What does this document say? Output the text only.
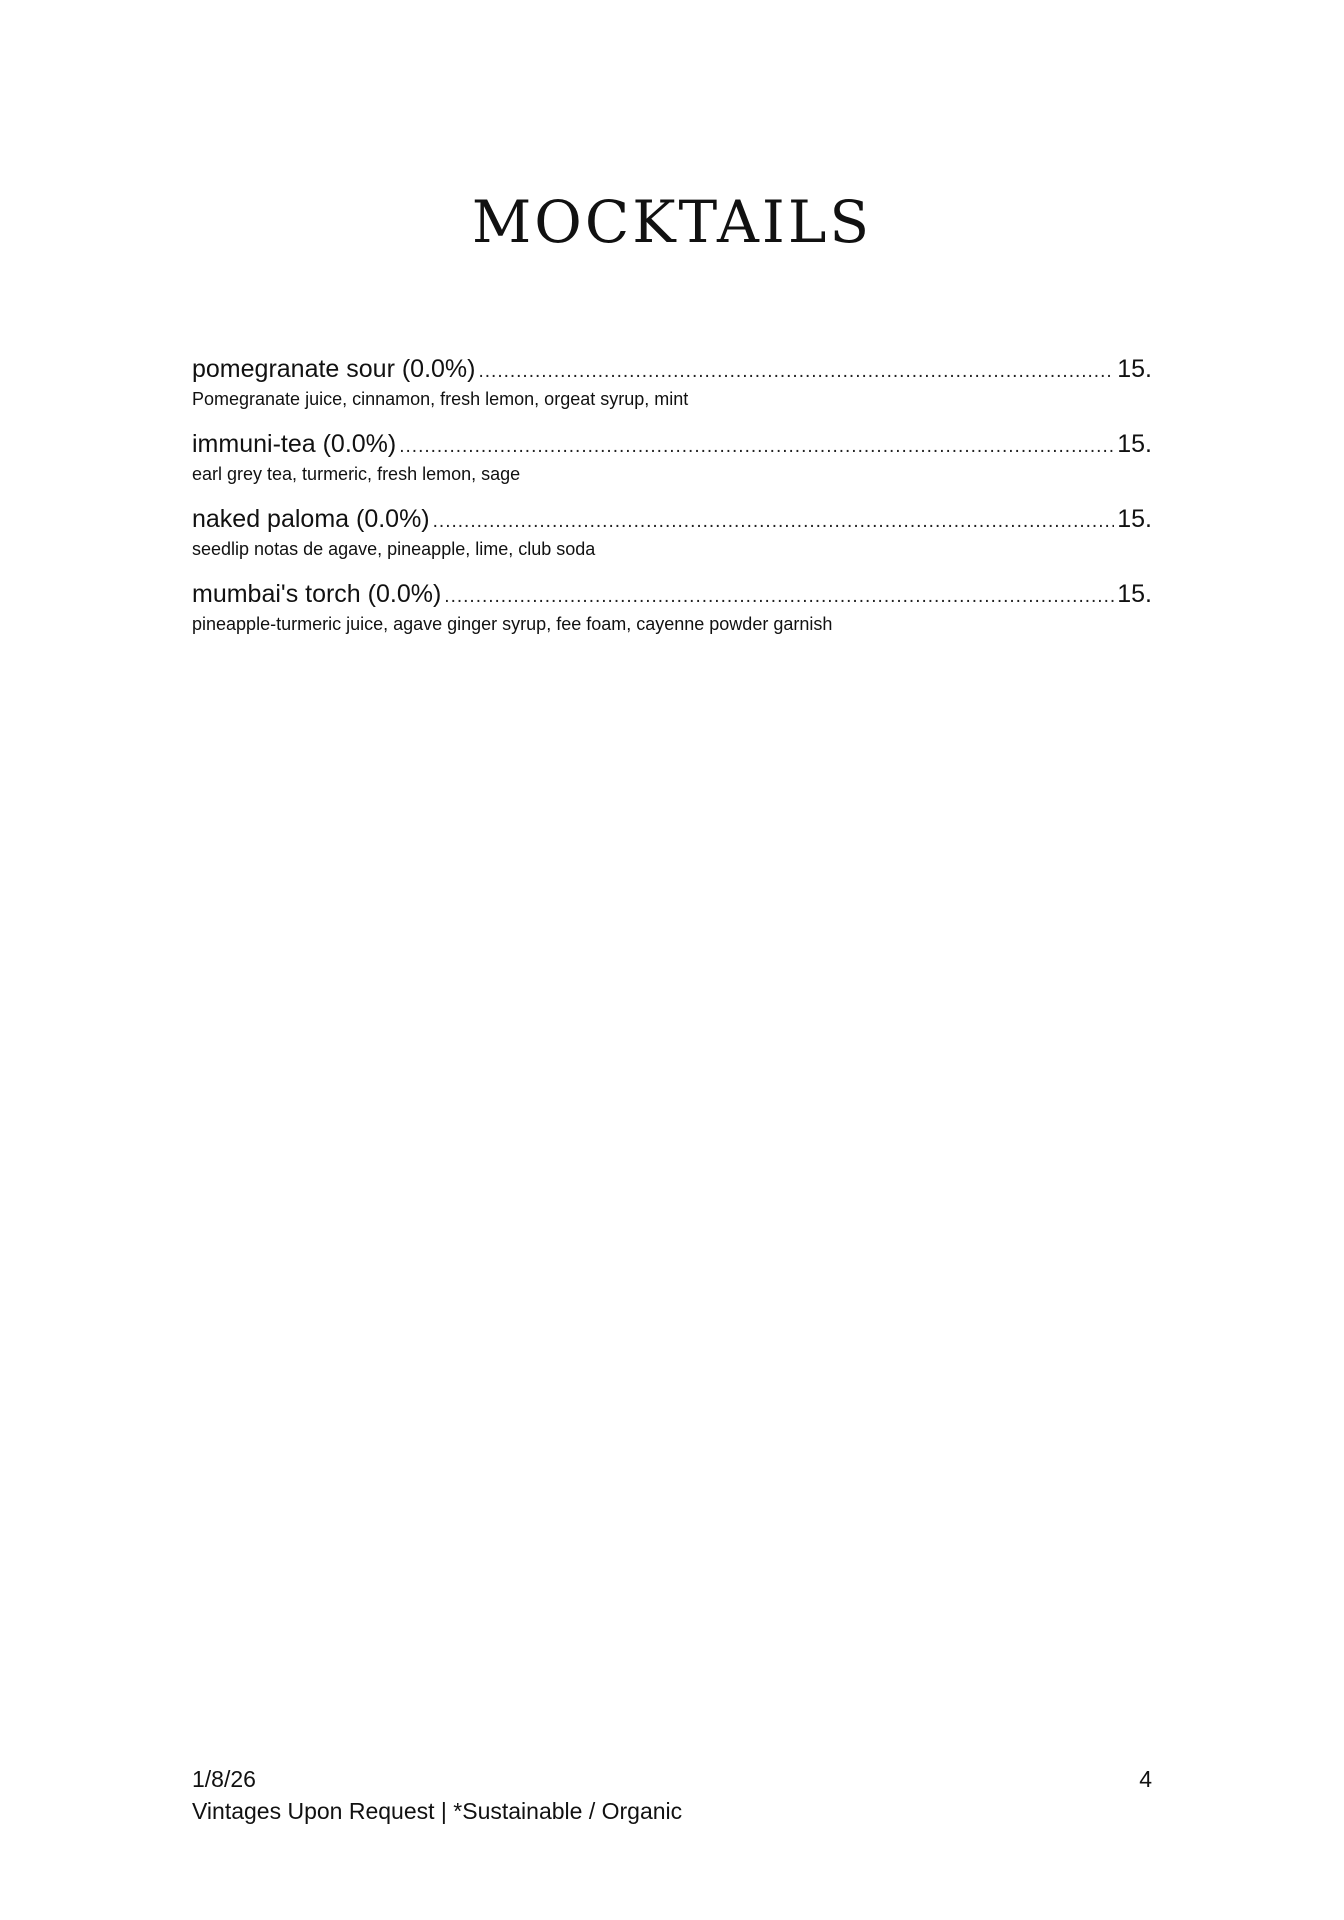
MOCKTAILS
pomegranate sour (0.0%) .....	15.
Pomegranate juice, cinnamon, fresh lemon, orgeat syrup, mint
immuni-tea (0.0%) .....	15.
earl grey tea, turmeric, fresh lemon, sage
naked paloma (0.0%) .....	15.
seedlip notas de agave, pineapple, lime, club soda
mumbai's torch (0.0%) .....	15.
pineapple-turmeric juice, agave ginger syrup, fee foam, cayenne powder garnish
1/8/26	4
Vintages Upon Request | *Sustainable / Organic
